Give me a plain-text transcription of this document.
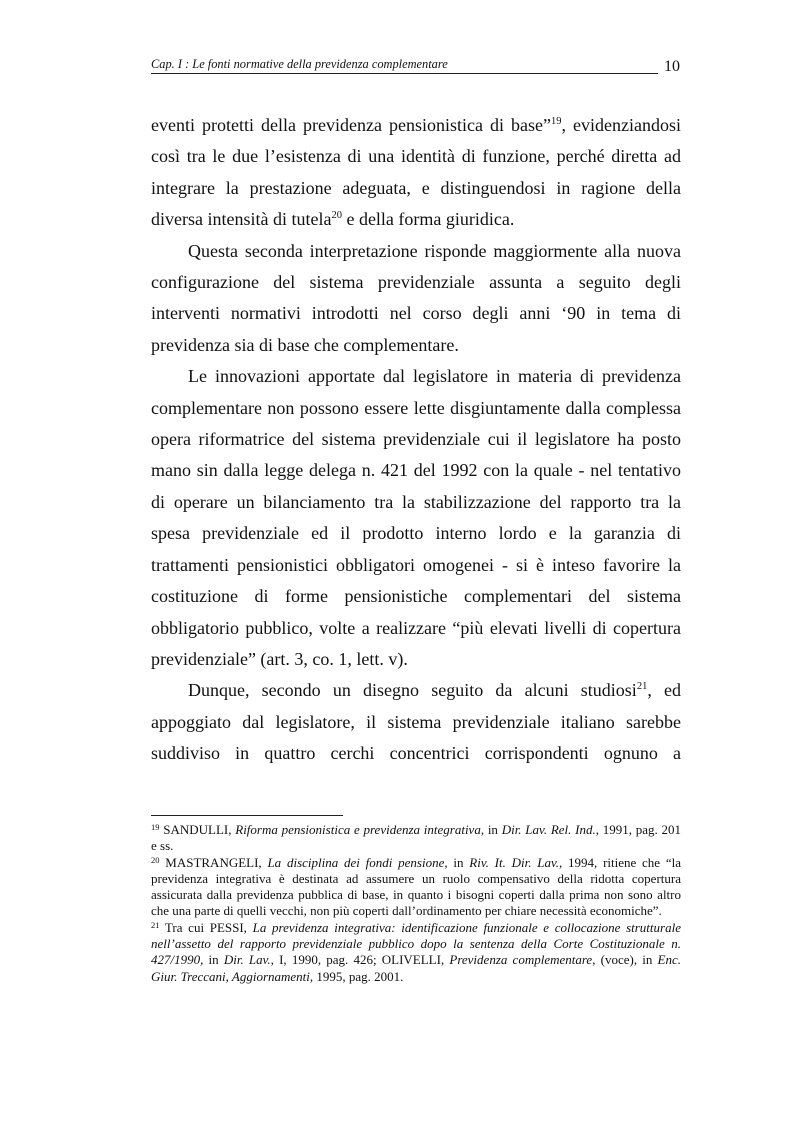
Cap. I : Le fonti normative della previdenza complementare	10

eventi protetti della previdenza pensionistica di base”$^{19}$, evidenziandosi così tra le due l’esistenza di una identità di funzione, perché diretta ad integrare la prestazione adeguata, e distinguendosi in ragione della diversa intensità di tutela$^{20}$ e della forma giuridica.

Questa seconda interpretazione risponde maggiormente alla nuova configurazione del sistema previdenziale assunta a seguito degli interventi normativi introdotti nel corso degli anni ‘90 in tema di previdenza sia di base che complementare.

Le innovazioni apportate dal legislatore in materia di previdenza complementare non possono essere lette disgiuntamente dalla complessa opera riformatrice del sistema previdenziale cui il legislatore ha posto mano sin dalla legge delega n. 421 del 1992 con la quale - nel tentativo di operare un bilanciamento tra la stabilizzazione del rapporto tra la spesa previdenziale ed il prodotto interno lordo e la garanzia di trattamenti pensionistici obbligatori omogenei - si è inteso favorire la costituzione di forme pensionistiche complementari del sistema obbligatorio pubblico, volte a realizzare “più elevati livelli di copertura previdenziale” (art. 3, co. 1, lett. v).

Dunque, secondo un disegno seguito da alcuni studiosi$^{21}$, ed appoggiato dal legislatore, il sistema previdenziale italiano sarebbe suddiviso in quattro cerchi concentrici corrispondenti ognuno a

$^{19}$ SANDULLI, Riforma pensionistica e previdenza integrativa, in Dir. Lav. Rel. Ind., 1991, pag. 201 e ss.

$^{20}$ MASTRANGELI, La disciplina dei fondi pensione, in Riv. It. Dir. Lav., 1994, ritiene che “la previdenza integrativa è destinata ad assumere un ruolo compensativo della ridotta copertura assicurata dalla previdenza pubblica di base, in quanto i bisogni coperti dalla prima non sono altro che una parte di quelli vecchi, non più coperti dall’ordinamento per chiare necessità economiche”.

$^{21}$ Tra cui PESSI, La previdenza integrativa: identificazione funzionale e collocazione strutturale nell’assetto del rapporto previdenziale pubblico dopo la sentenza della Corte Costituzionale n. 427/1990, in Dir. Lav., I, 1990, pag. 426; OLIVELLI, Previdenza complementare, (voce), in Enc. Giur. Treccani, Aggiornamenti, 1995, pag. 2001.
